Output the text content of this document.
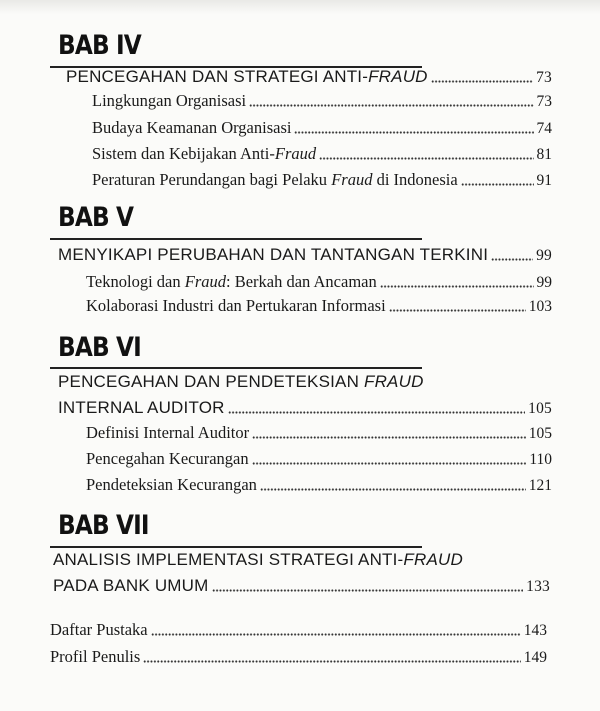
BAB IV
PENCEGAHAN DAN STRATEGI ANTI-FRAUD	73
Lingkungan Organisasi	73
Budaya Keamanan Organisasi	74
Sistem dan Kebijakan Anti-Fraud	81
Peraturan Perundangan bagi Pelaku Fraud di Indonesia	91
BAB V
MENYIKAPI PERUBAHAN DAN TANTANGAN TERKINI	99
Teknologi dan Fraud: Berkah dan Ancaman	99
Kolaborasi Industri dan Pertukaran Informasi	103
BAB VI
PENCEGAHAN DAN PENDETEKSIAN FRAUD
INTERNAL AUDITOR	105
Definisi Internal Auditor	105
Pencegahan Kecurangan	110
Pendeteksian Kecurangan	121
BAB VII
ANALISIS IMPLEMENTASI STRATEGI ANTI-FRAUD
PADA BANK UMUM	133
Daftar Pustaka	143
Profil Penulis	149
